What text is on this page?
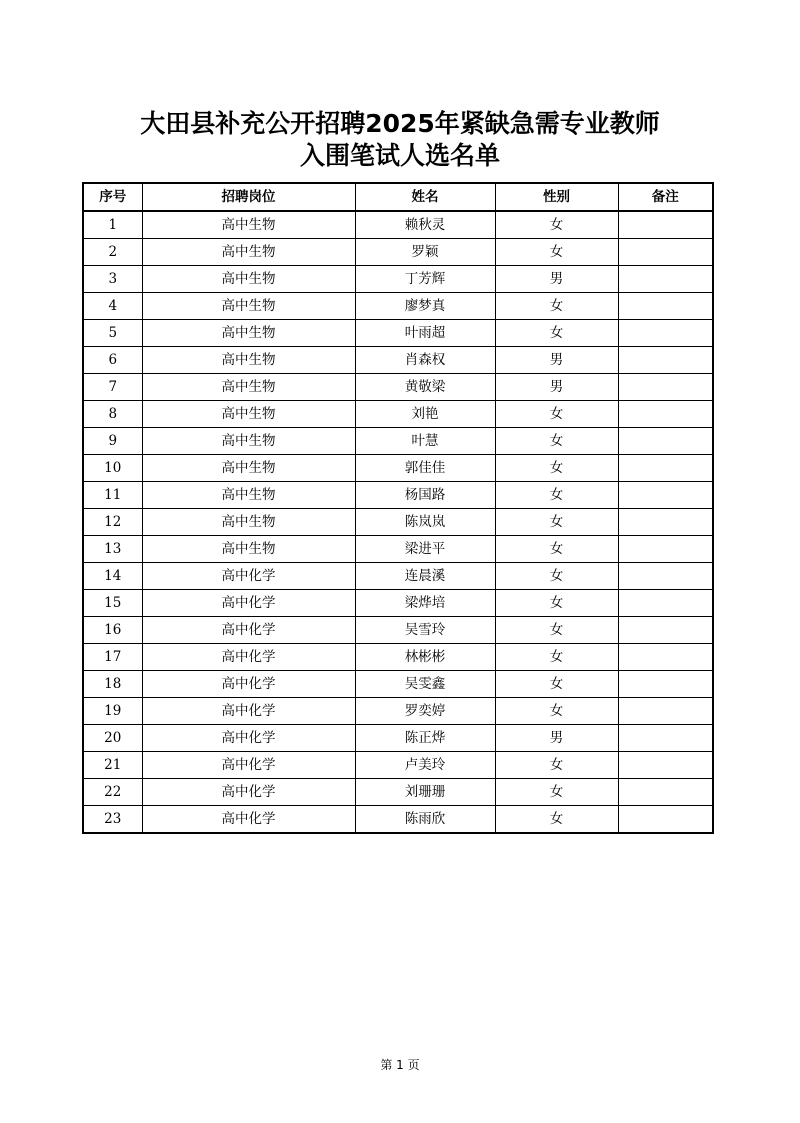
大田县补充公开招聘2025年紧缺急需专业教师
入围笔试人选名单
序号	招聘岗位	姓名	性别	备注
1	高中生物	赖秋灵	女	
2	高中生物	罗颖	女	
3	高中生物	丁芳辉	男	
4	高中生物	廖梦真	女	
5	高中生物	叶雨超	女	
6	高中生物	肖森权	男	
7	高中生物	黄敬梁	男	
8	高中生物	刘艳	女	
9	高中生物	叶慧	女	
10	高中生物	郭佳佳	女	
11	高中生物	杨国路	女	
12	高中生物	陈岚岚	女	
13	高中生物	梁进平	女	
14	高中化学	连晨溪	女	
15	高中化学	梁烨培	女	
16	高中化学	吴雪玲	女	
17	高中化学	林彬彬	女	
18	高中化学	吴雯鑫	女	
19	高中化学	罗奕婷	女	
20	高中化学	陈正烨	男	
21	高中化学	卢美玲	女	
22	高中化学	刘珊珊	女	
23	高中化学	陈雨欣	女	
第 1 页
